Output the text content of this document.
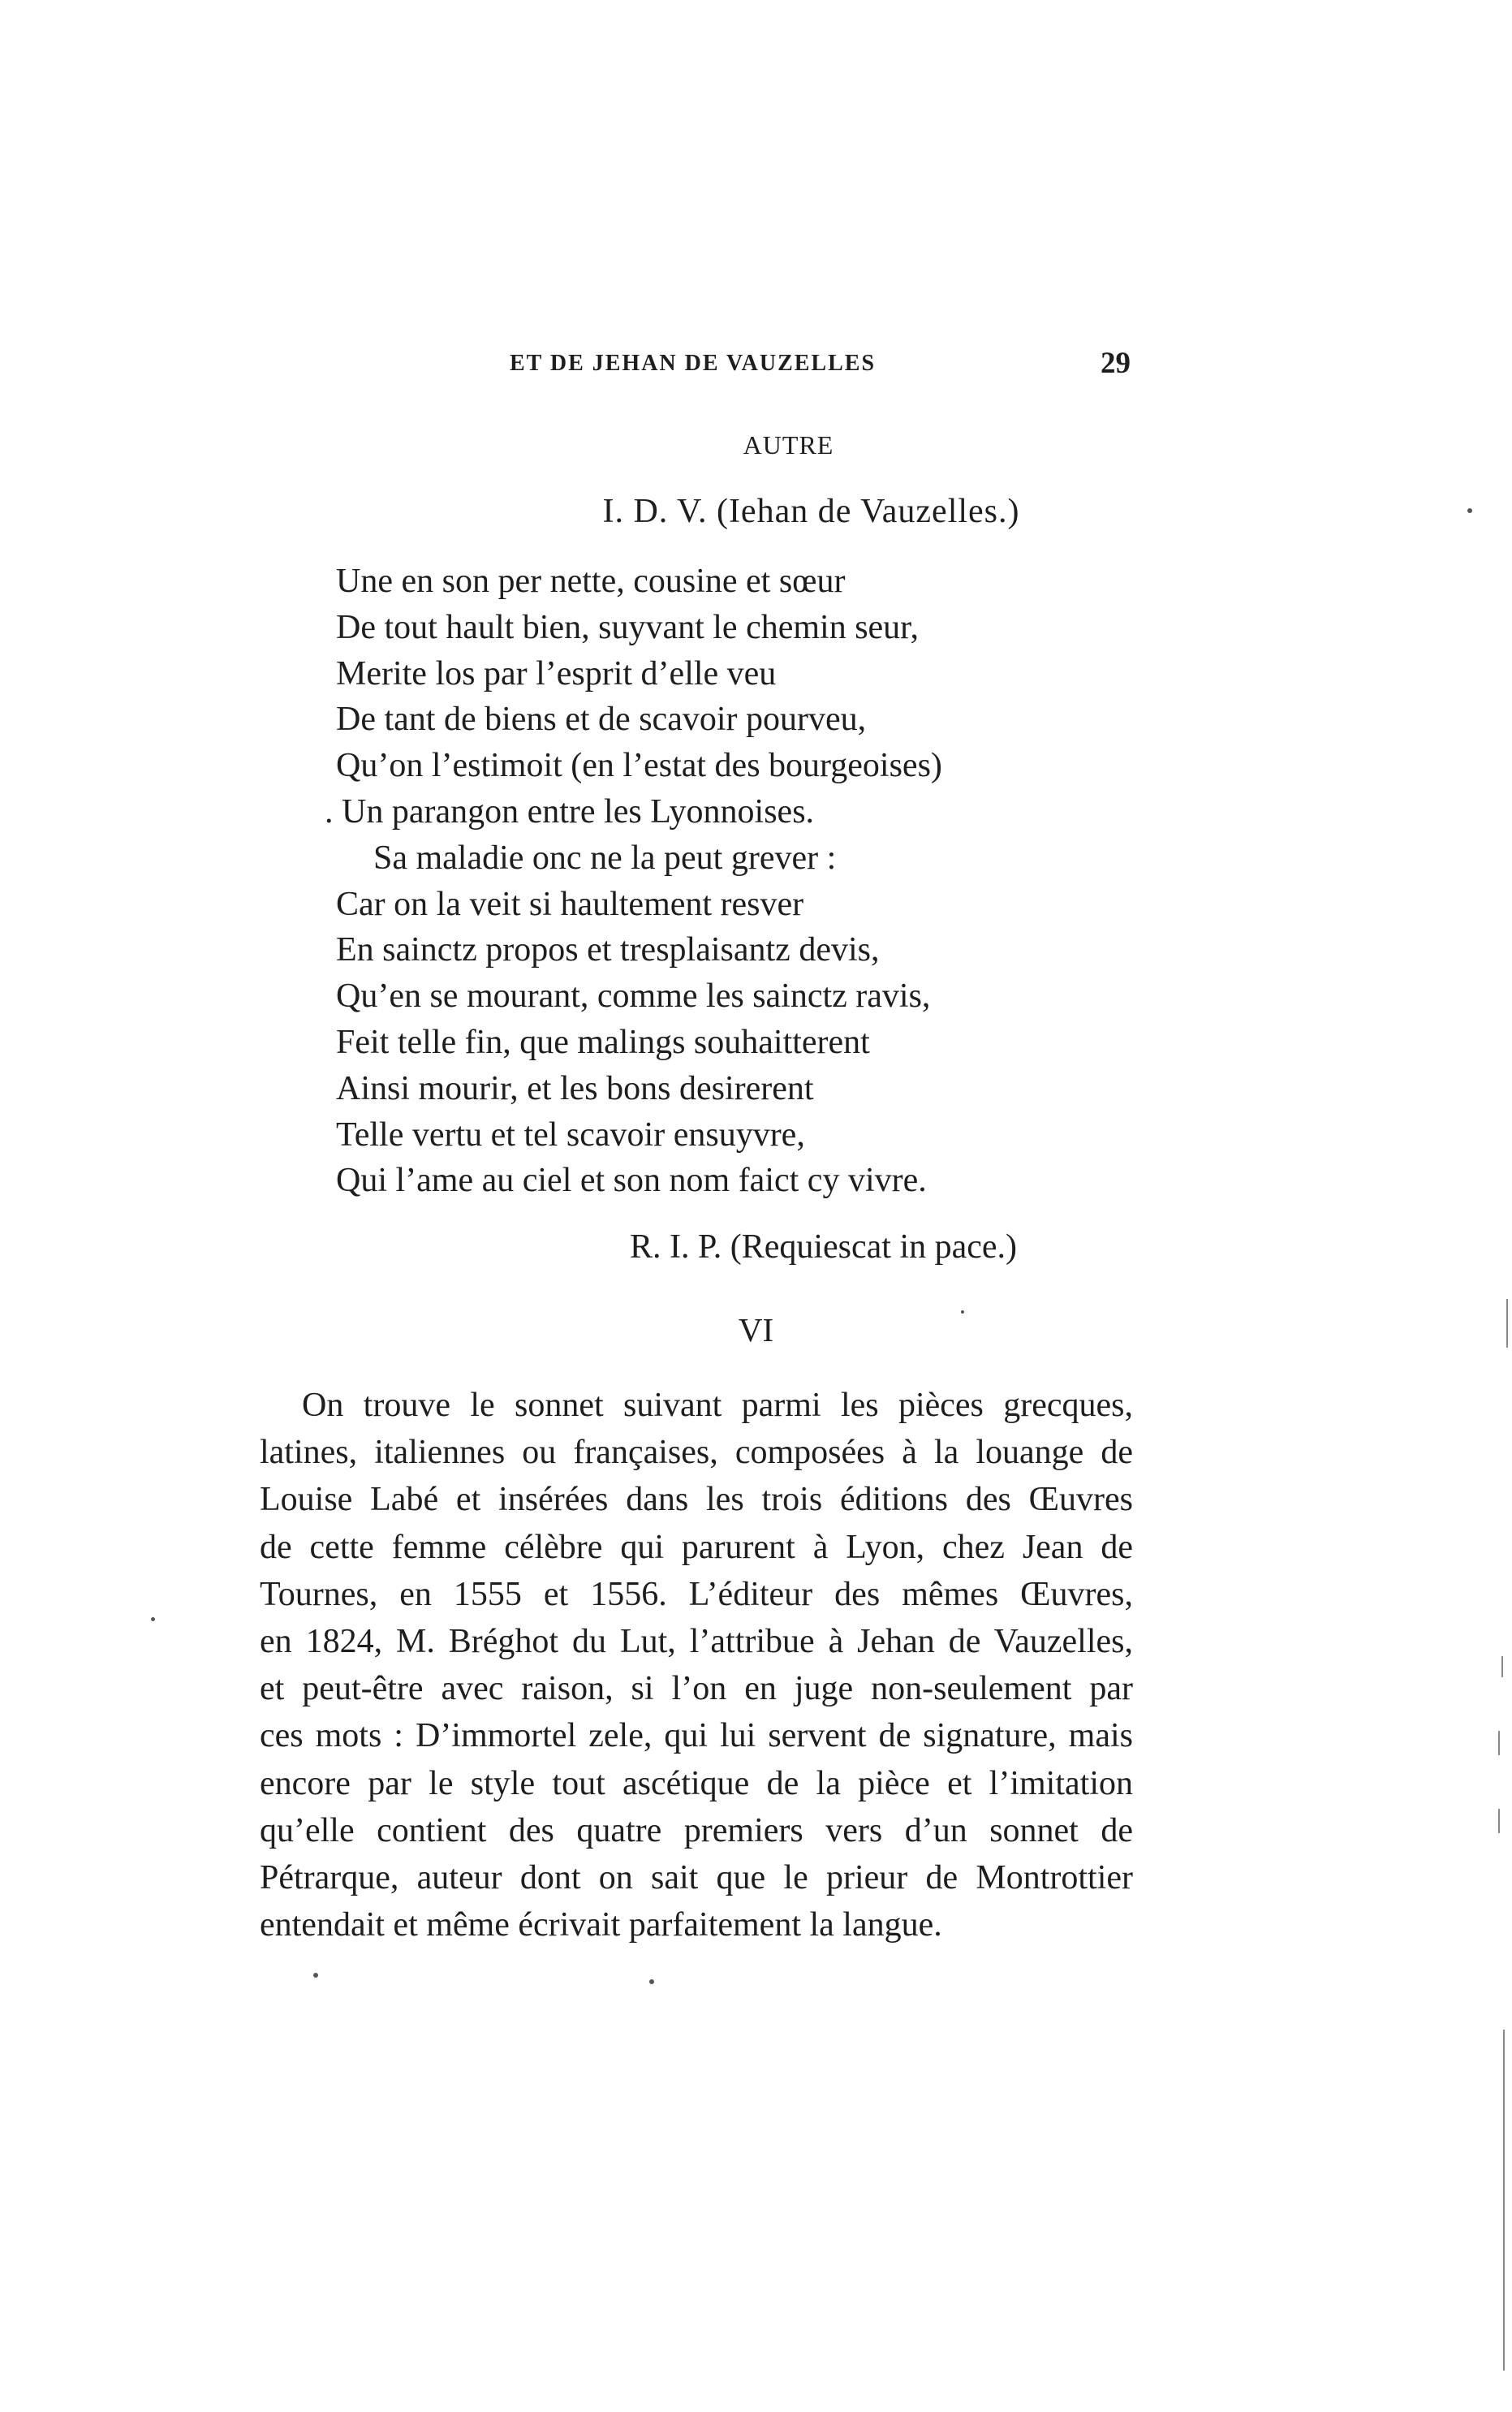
ET DE JEHAN DE VAUZELLES	29
AUTRE
I. D. V. (Iehan de Vauzelles.)
Une en son per nette, cousine et sœur
De tout hault bien, suyvant le chemin seur,
Merite los par l’esprit d’elle veu
De tant de biens et de scavoir pourveu,
Qu’on l’estimoit (en l’estat des bourgeoises)
. Un parangon entre les Lyonnoises.
Sa maladie onc ne la peut grever :
Car on la veit si haultement resver
En sainctz propos et tresplaisantz devis,
Qu’en se mourant, comme les sainctz ravis,
Feit telle fin, que malings souhaitterent
Ainsi mourir, et les bons desirerent
Telle vertu et tel scavoir ensuyvre,
Qui l’ame au ciel et son nom faict cy vivre.
R. I. P. (Requiescat in pace.)
VI
On trouve le sonnet suivant parmi les pièces grecques,
latines, italiennes ou françaises, composées à la louange de
Louise Labé et insérées dans les trois éditions des Œuvres
de cette femme célèbre qui parurent à Lyon, chez Jean de
Tournes, en 1555 et 1556. L’éditeur des mêmes Œuvres,
en 1824, M. Bréghot du Lut, l’attribue à Jehan de Vauzelles,
et peut-être avec raison, si l’on en juge non-seulement par
ces mots : D’immortel zele, qui lui servent de signature, mais
encore par le style tout ascétique de la pièce et l’imitation
qu’elle contient des quatre premiers vers d’un sonnet de
Pétrarque, auteur dont on sait que le prieur de Montrottier
entendait et même écrivait parfaitement la langue.
